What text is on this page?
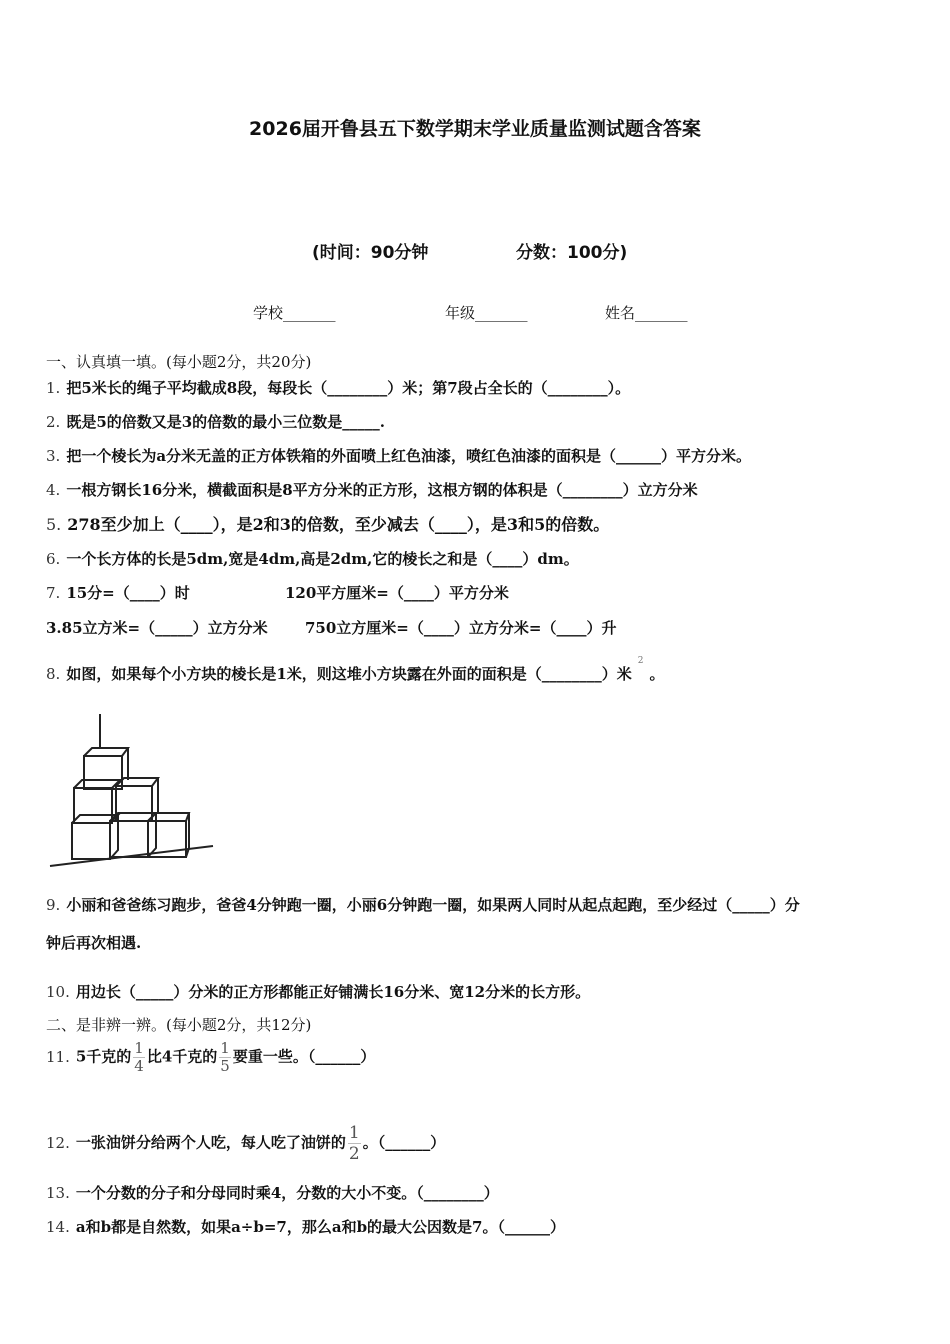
2026届开鲁县五下数学期末学业质量监测试题含答案
(时间：90分钟	分数：100分)
学校_______	年级_______	姓名_______
一、认真填一填。(每小题2分，共20分)
1. 把5米长的绳子平均截成8段，每段长（________）米；第7段占全长的（________）。
2. 既是5的倍数又是3的倍数的最小三位数是_____.
3. 把一个棱长为a分米无盖的正方体铁箱的外面喷上红色油漆，喷红色油漆的面积是（______）平方分米。
4. 一根方钢长16分米，横截面积是8平方分米的正方形，这根方钢的体积是（________）立方分米
5. 278至少加上（____），是2和3的倍数，至少减去（____），是3和5的倍数。
6. 一个长方体的长是5dm,宽是4dm,高是2dm,它的棱长之和是（____）dm。
7. 15分=（____）时	120平方厘米=（____）平方分米
3.85立方米=（_____）立方分米 750立方厘米=（____）立方分米=（____）升
8. 如图，如果每个小方块的棱长是1米，则这堆小方块露在外面的面积是（________）米$^2$。
9. 小丽和爸爸练习跑步，爸爸4分钟跑一圈，小丽6分钟跑一圈，如果两人同时从起点起跑，至少经过（_____）分
钟后再次相遇.
10. 用边长（_____）分米的正方形都能正好铺满长16分米、宽12分米的长方形。
二、是非辨一辨。(每小题2分，共12分)
11. 5千克的 $\frac{1}{4}$ 比4千克的 $\frac{1}{5}$ 要重一些。（______）
12. 一张油饼分给两个人吃，每人吃了油饼的 $\frac{1}{2}$ 。（______）
13. 一个分数的分子和分母同时乘4，分数的大小不变。（________）
14. a和b都是自然数，如果a÷b=7，那么a和b的最大公因数是7。（______）
